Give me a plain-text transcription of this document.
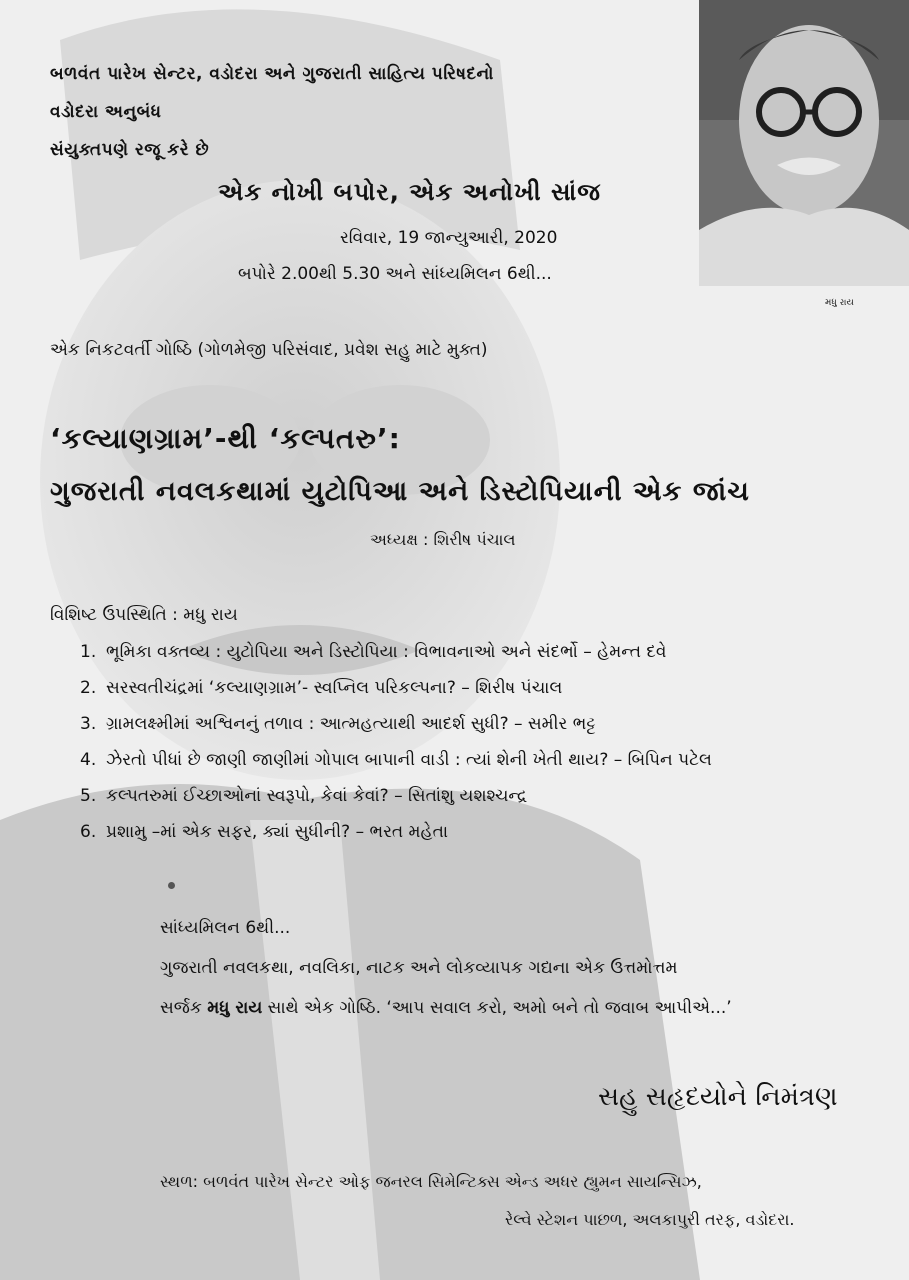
મધુ રાય
બળવંત પારેખ સેન્ટર, વડોદરા અને ગુજરાતી સાહિત્ય પરિષદનો
વડોદરા અનુબંધ
સંયુક્તપણે રજૂ કરે છે
એક નોખી બપોર, એક અનોખી સાંજ
રવિવાર, 19 જાન્યુઆરી, 2020
બપોરે 2.00થી 5.30 અને સાંધ્યમિલન 6થી...
એક નિકટવર્તી ગોષ્ઠિ (ગોળમેજી પરિસંવાદ, પ્રવેશ સહુ માટે મુક્ત)
‘કલ્યાણગ્રામ’-થી ‘કલ્પતરુ’:
ગુજરાતી નવલકથામાં યુટોપિઆ અને ડિસ્ટોપિયાની એક જાંચ
અધ્યક્ષ : શિરીષ પંચાલ
વિશિષ્ટ ઉપસ્થિતિ : મધુ રાય
1. ભૂમિકા વક્તવ્ય : યુટોપિયા અને ડિસ્ટોપિયા : વિભાવનાઓ અને સંદર્ભો – હેમન્ત દવે
2. સરસ્વતીચંદ્રમાં ‘કલ્યાણગ્રામ’- સ્વપ્નિલ પરિકલ્પના? – શિરીષ પંચાલ
3. ગ્રામલક્ષ્મીમાં અશ્વિનનું તળાવ : આત્મહત્યાથી આદર્શ સુધી? – સમીર ભટ્ટ
4. ઝેરતો પીધાં છે જાણી જાણીમાં ગોપાલ બાપાની વાડી : ત્યાં શેની ખેતી થાય? – બિપિન પટેલ
5. કલ્પતરુમાં ઈચ્છાઓનાં સ્વરૂપો, કેવાં કેવાં? – સિતાંશુ યશશ્ચન્દ્ર
6. પ્રશામુ –માં એક સફર, ક્યાં સુધીની? – ભરત મહેતા
સાંધ્યમિલન 6થી...
ગુજરાતી નવલકથા, નવલિકા, નાટક અને લોકવ્યાપક ગદ્યના એક ઉત્તમોત્તમ
સર્જક મધુ રાય સાથે એક ગોષ્ઠિ. ‘આપ સવાલ કરો, અમો બને તો જવાબ આપીએ...’
સહુ સહૃદયોને નિમંત્રણ
સ્થળ: બળવંત પારેખ સેન્ટર ઓફ જનરલ સિમેન્ટિક્સ એન્ડ અધર હ્યુમન સાયન્સિઝ,
રેલ્વે સ્ટેશન પાછળ, અલકાપુરી તરફ, વડોદરા.
